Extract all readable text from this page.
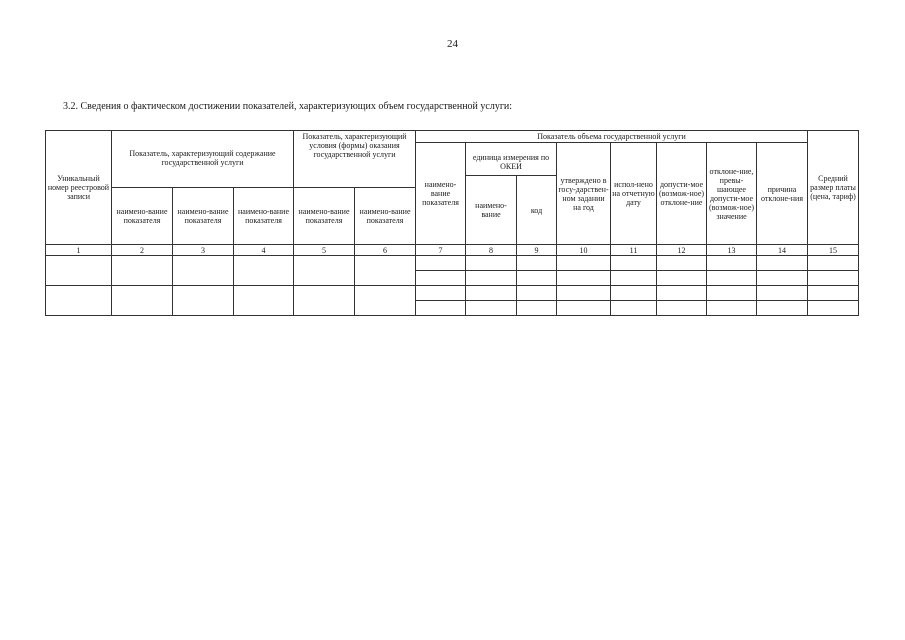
24
3.2. Сведения о фактическом достижении показателей, характеризующих объем государственной услуги:
Уникальный номер реестровой записи	Показатель, характеризующий содержание государственной услуги			Показатель, характеризующий условия (формы) оказания государственной услуги		Показатель объема государственной услуги								Средний размер платы (цена, тариф)
						наимено-вание показателя	единица измерения по ОКЕИ		утверждено в госу-дарствен-ном задании на год	испол-нено на отчетную дату	допусти-мое (возмож-ное) отклоне-ние	отклоне-ние, превы-шающее допусти-мое (возмож-ное) значение	причина отклоне-ния	

							наимено-вание	код						
	наимено-вание показателя	наимено-вание показателя	наимено-вание показателя	наимено-вание показателя	наимено-вание показателя									
1	2	3	4	5	6	7	8	9	10	11	12	13	14	15
